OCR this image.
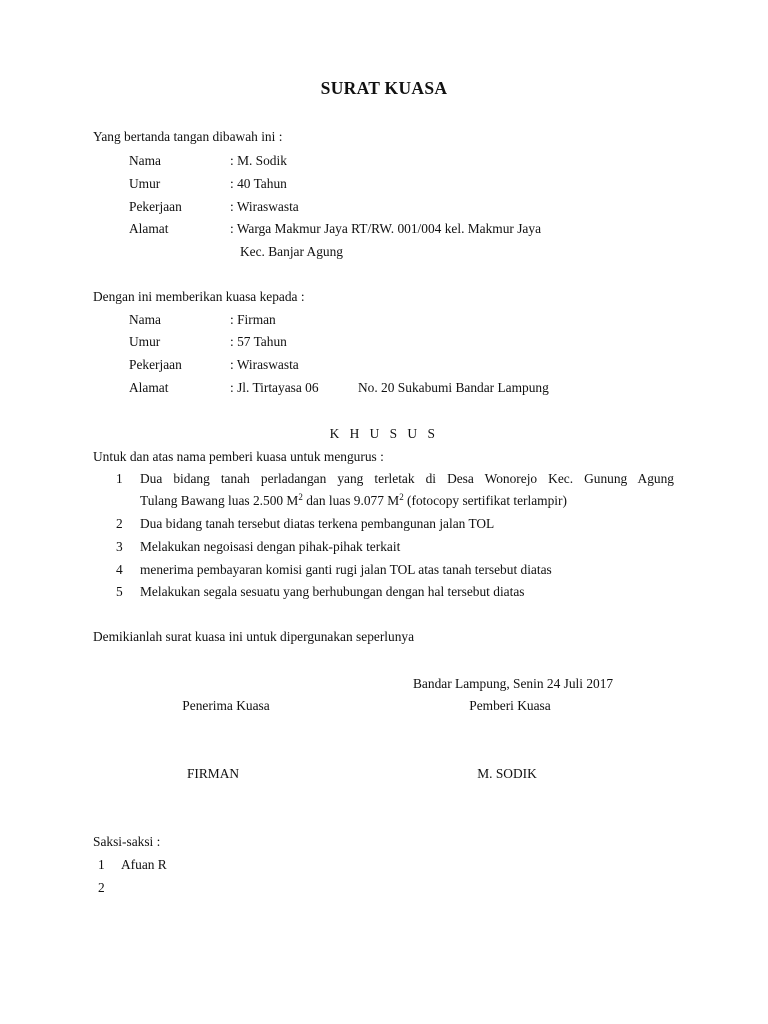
SURAT KUASA
Yang bertanda tangan dibawah ini :
Nama	: M. Sodik
Umur	: 40 Tahun
Pekerjaan	: Wiraswasta
Alamat	: Warga Makmur Jaya RT/RW. 001/004 kel. Makmur Jaya
Kec. Banjar Agung
Dengan ini memberikan kuasa kepada :
Nama	: Firman
Umur	: 57 Tahun
Pekerjaan	: Wiraswasta
Alamat	: Jl. Tirtayasa 06	No. 20 Sukabumi Bandar Lampung
K H U S U S
Untuk dan atas nama pemberi kuasa untuk mengurus :
1 Dua bidang tanah perladangan yang terletak di Desa Wonorejo Kec. Gunung Agung
Tulang Bawang luas 2.500 $M^2$ dan luas 9.077 $M^2$ (fotocopy sertifikat terlampir)
2 Dua bidang tanah tersebut diatas terkena pembangunan jalan TOL
3 Melakukan negoisasi dengan pihak-pihak terkait
4 menerima pembayaran komisi ganti rugi jalan TOL atas tanah tersebut diatas
5 Melakukan segala sesuatu yang berhubungan dengan hal tersebut diatas
Demikianlah surat kuasa ini untuk dipergunakan seperlunya
Bandar Lampung, Senin 24 Juli 2017
Penerima Kuasa	Pemberi Kuasa
FIRMAN	M. SODIK
Saksi-saksi :
1 Afuan R
2
